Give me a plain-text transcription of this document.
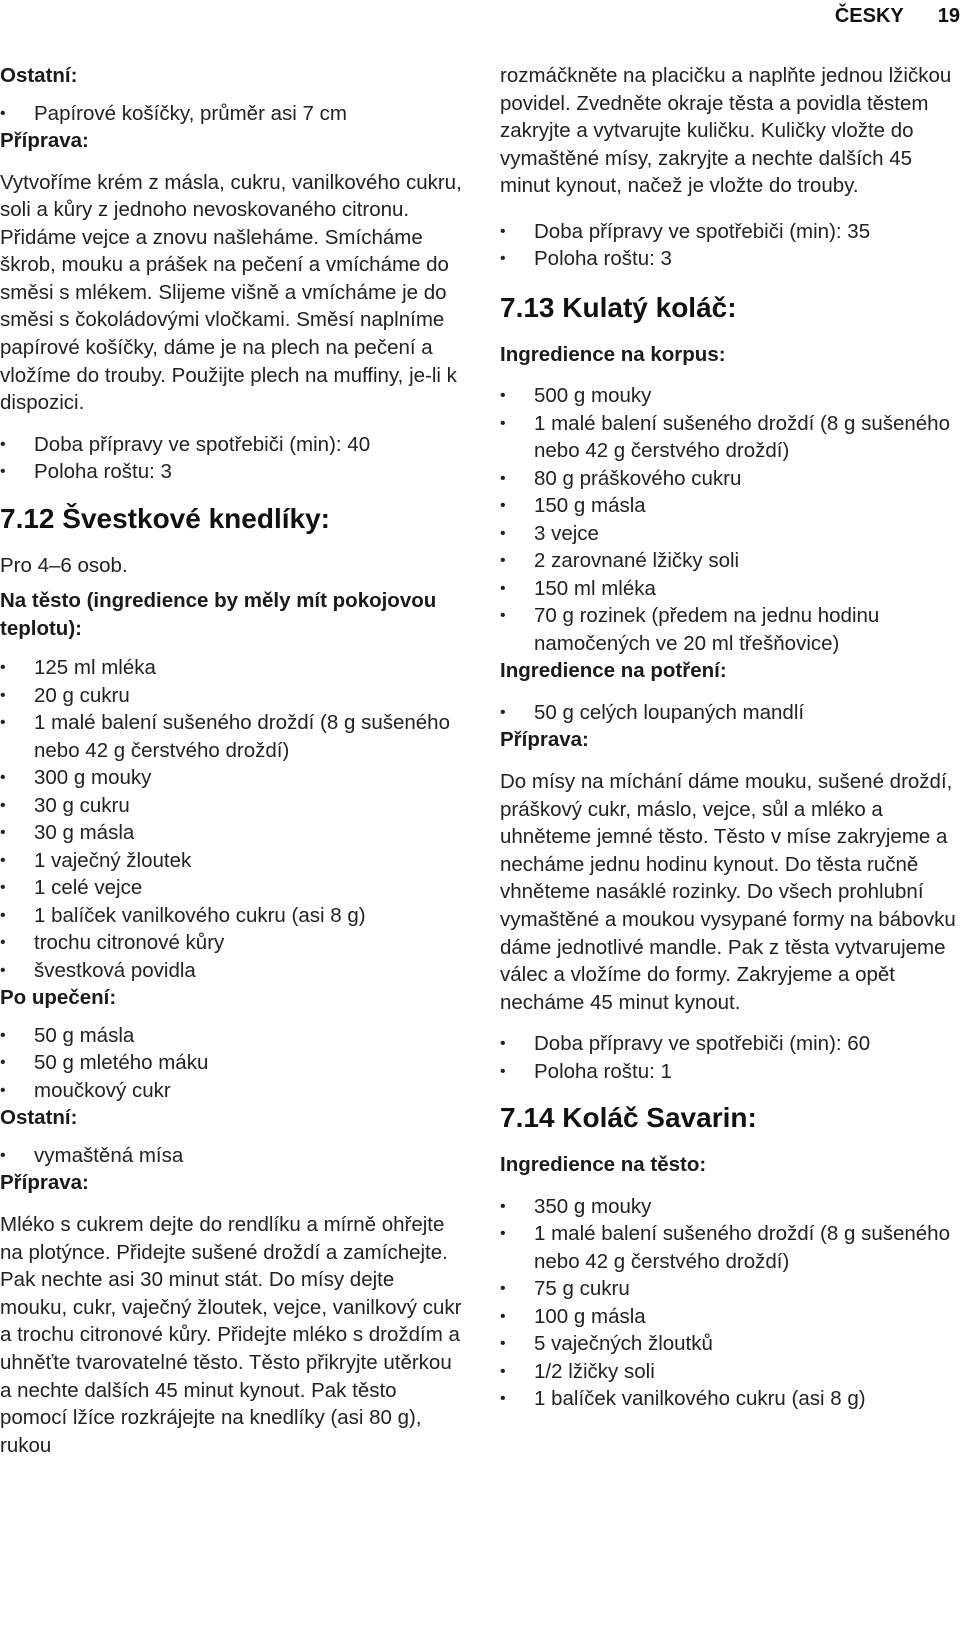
ČESKY 19
Ostatní:
• Papírové košíčky, průměr asi 7 cm
Příprava:

Vytvoříme krém z másla, cukru, vanilkového cukru, soli a kůry z jednoho nevoskovaného citronu. Přidáme vejce a znovu našleháme. Smícháme škrob, mouku a prášek na pečení a vmícháme do směsi s mlékem. Slijeme višně a vmícháme je do směsi s čokoládovými vločkami. Směsí naplníme papírové košíčky, dáme je na plech na pečení a vložíme do trouby. Použijte plech na muffiny, je-li k dispozici.

• Doba přípravy ve spotřebiči (min): 40
• Poloha roštu: 3
7.12 Švestkové knedlíky:
Pro 4–6 osob.
Na těsto (ingredience by měly mít pokojovou teplotu):
• 125 ml mléka
• 20 g cukru
• 1 malé balení sušeného droždí (8 g sušeného nebo 42 g čerstvého droždí)
• 300 g mouky
• 30 g cukru
• 30 g másla
• 1 vaječný žloutek
• 1 celé vejce
• 1 balíček vanilkového cukru (asi 8 g)
• trochu citronové kůry
• švestková povidla
Po upečení:
• 50 g másla
• 50 g mletého máku
• moučkový cukr
Ostatní:
• vymaštěná mísa
Příprava:

Mléko s cukrem dejte do rendlíku a mírně ohřejte na plotýnce. Přidejte sušené droždí a zamíchejte. Pak nechte asi 30 minut stát. Do mísy dejte mouku, cukr, vaječný žloutek, vejce, vanilkový cukr a trochu citronové kůry. Přidejte mléko s droždím a uhněťte tvarovatelné těsto. Těsto přikryjte utěrkou a nechte dalších 45 minut kynout. Pak těsto pomocí lžíce rozkrájejte na knedlíky (asi 80 g), rukou

rozmáčkněte na placičku a naplňte jednou lžičkou povidel. Zvedněte okraje těsta a povidla těstem zakryjte a vytvarujte kuličku. Kuličky vložte do vymaštěné mísy, zakryjte a nechte dalších 45 minut kynout, načež je vložte do trouby.

• Doba přípravy ve spotřebiči (min): 35
• Poloha roštu: 3
7.13 Kulatý koláč:
Ingredience na korpus:
• 500 g mouky
• 1 malé balení sušeného droždí (8 g sušeného nebo 42 g čerstvého droždí)
• 80 g práškového cukru
• 150 g másla
• 3 vejce
• 2 zarovnané lžičky soli
• 150 ml mléka
• 70 g rozinek (předem na jednu hodinu namočených ve 20 ml třešňovice)
Ingredience na potření:
• 50 g celých loupaných mandlí
Příprava:

Do mísy na míchání dáme mouku, sušené droždí, práškový cukr, máslo, vejce, sůl a mléko a uhněteme jemné těsto. Těsto v míse zakryjeme a necháme jednu hodinu kynout. Do těsta ručně vhněteme nasáklé rozinky. Do všech prohlubní vymaštěné a moukou vysypané formy na bábovku dáme jednotlivé mandle. Pak z těsta vytvarujeme válec a vložíme do formy. Zakryjeme a opět necháme 45 minut kynout.

• Doba přípravy ve spotřebiči (min): 60
• Poloha roštu: 1
7.14 Koláč Savarin:
Ingredience na těsto:
• 350 g mouky
• 1 malé balení sušeného droždí (8 g sušeného nebo 42 g čerstvého droždí)
• 75 g cukru
• 100 g másla
• 5 vaječných žloutků
• 1/2 lžičky soli
• 1 balíček vanilkového cukru (asi 8 g)
